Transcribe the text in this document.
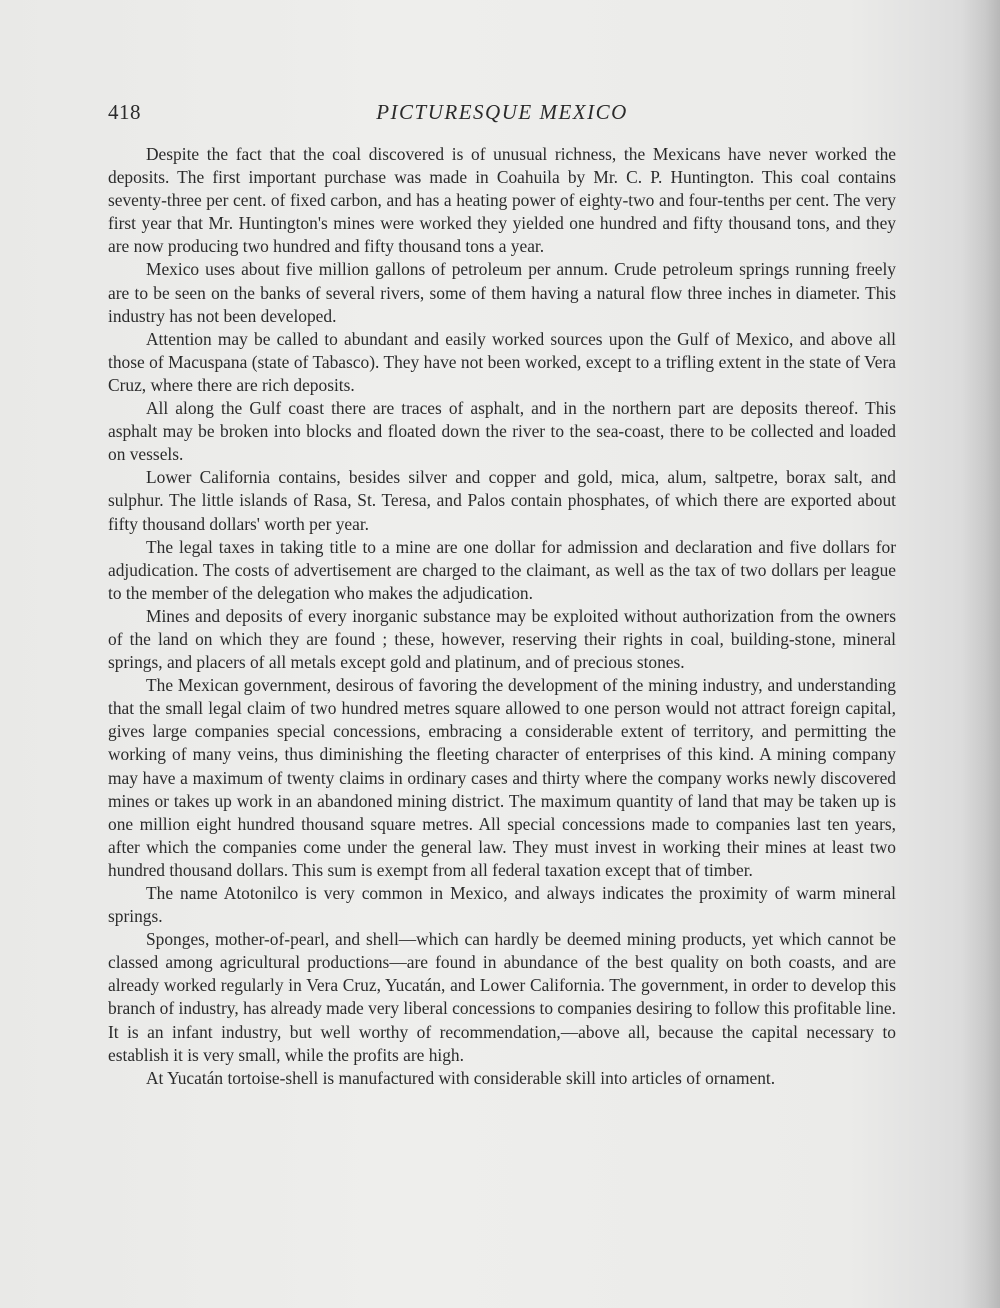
418	PICTURESQUE MEXICO

Despite the fact that the coal discovered is of unusual richness, the Mexicans have never worked the deposits. The first important purchase was made in Coahuila by Mr. C. P. Huntington. This coal contains seventy-three per cent. of fixed carbon, and has a heating power of eighty-two and four-tenths per cent. The very first year that Mr. Huntington's mines were worked they yielded one hundred and fifty thousand tons, and they are now producing two hundred and fifty thousand tons a year.

Mexico uses about five million gallons of petroleum per annum. Crude petroleum springs running freely are to be seen on the banks of several rivers, some of them having a natural flow three inches in diameter. This industry has not been developed.

Attention may be called to abundant and easily worked sources upon the Gulf of Mexico, and above all those of Macuspana (state of Tabasco). They have not been worked, except to a trifling extent in the state of Vera Cruz, where there are rich deposits.

All along the Gulf coast there are traces of asphalt, and in the northern part are deposits thereof. This asphalt may be broken into blocks and floated down the river to the sea-coast, there to be collected and loaded on vessels.

Lower California contains, besides silver and copper and gold, mica, alum, saltpetre, borax salt, and sulphur. The little islands of Rasa, St. Teresa, and Palos contain phosphates, of which there are exported about fifty thousand dollars' worth per year.

The legal taxes in taking title to a mine are one dollar for admission and declaration and five dollars for adjudication. The costs of advertisement are charged to the claimant, as well as the tax of two dollars per league to the member of the delegation who makes the adjudication.

Mines and deposits of every inorganic substance may be exploited without authorization from the owners of the land on which they are found ; these, however, reserving their rights in coal, building-stone, mineral springs, and placers of all metals except gold and platinum, and of precious stones.

The Mexican government, desirous of favoring the development of the mining industry, and understanding that the small legal claim of two hundred metres square allowed to one person would not attract foreign capital, gives large companies special concessions, embracing a considerable extent of territory, and permitting the working of many veins, thus diminishing the fleeting character of enterprises of this kind. A mining company may have a maximum of twenty claims in ordinary cases and thirty where the company works newly discovered mines or takes up work in an abandoned mining district. The maximum quantity of land that may be taken up is one million eight hundred thousand square metres. All special concessions made to companies last ten years, after which the companies come under the general law. They must invest in working their mines at least two hundred thousand dollars. This sum is exempt from all federal taxation except that of timber.

The name Atotonilco is very common in Mexico, and always indicates the proximity of warm mineral springs.

Sponges, mother-of-pearl, and shell—which can hardly be deemed mining products, yet which cannot be classed among agricultural productions—are found in abundance of the best quality on both coasts, and are already worked regularly in Vera Cruz, Yucatán, and Lower California. The government, in order to develop this branch of industry, has already made very liberal concessions to companies desiring to follow this profitable line. It is an infant industry, but well worthy of recommendation,—above all, because the capital necessary to establish it is very small, while the profits are high.

At Yucatán tortoise-shell is manufactured with considerable skill into articles of ornament.
